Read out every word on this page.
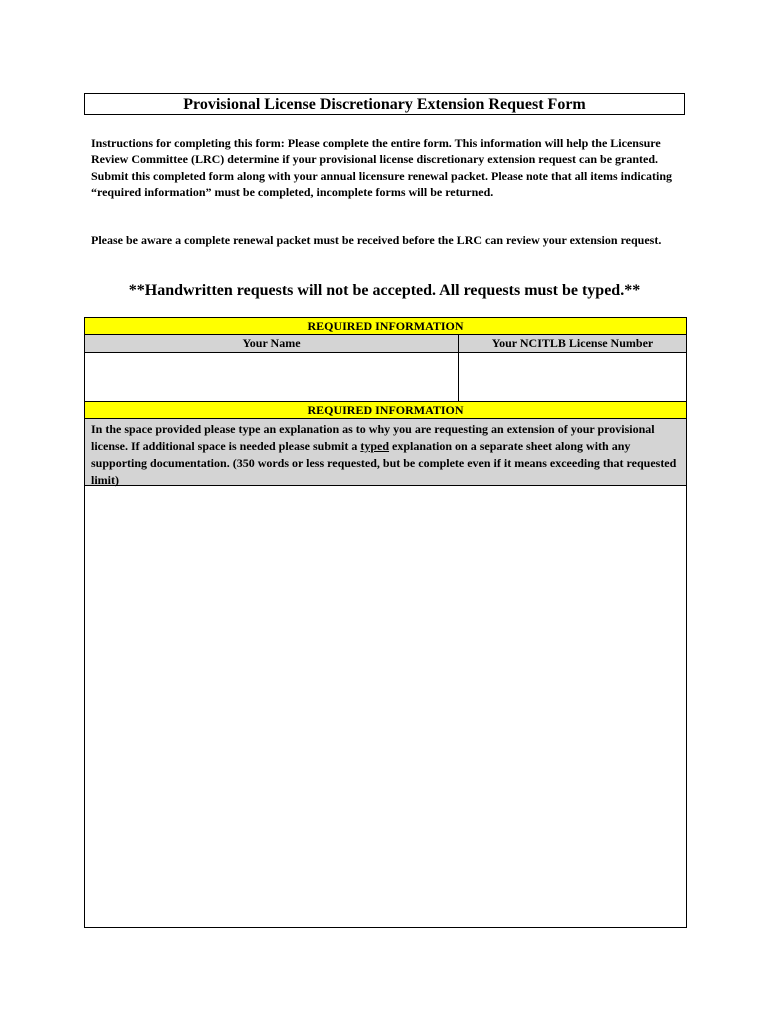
Provisional License Discretionary Extension Request Form
Instructions for completing this form: Please complete the entire form. This information will help the Licensure Review Committee (LRC) determine if your provisional license discretionary extension request can be granted. Submit this completed form along with your annual licensure renewal packet. Please note that all items indicating “required information” must be completed, incomplete forms will be returned.
Please be aware a complete renewal packet must be received before the LRC can review your extension request.
**Handwritten requests will not be accepted. All requests must be typed.**
REQUIRED INFORMATION
Your Name	Your NCITLB License Number
REQUIRED INFORMATION
In the space provided please type an explanation as to why you are requesting an extension of your provisional license. If additional space is needed please submit a typed explanation on a separate sheet along with any supporting documentation. (350 words or less requested, but be complete even if it means exceeding that requested limit)
